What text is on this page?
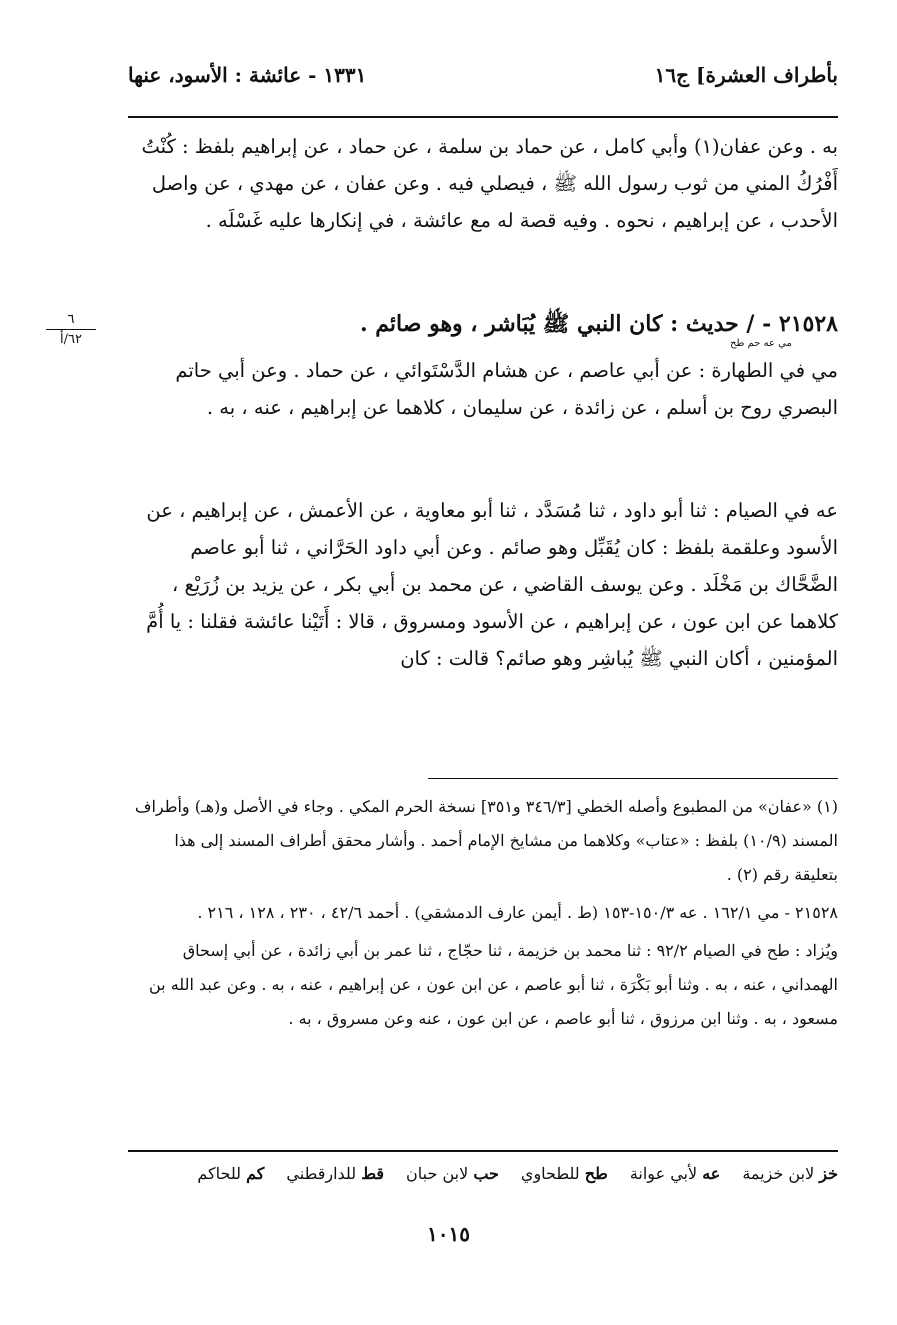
بأطراف العشرة] ج١٦
١٣٣١ - عائشة : الأسود، عنها
به . وعن عفان(١) وأبي كامل ، عن حماد بن سلمة ، عن حماد ، عن إبراهيم بلفظ : كُنْتُ أَفْرُكُ المني من ثوب رسول الله ﷺ ، فيصلي فيه . وعن عفان ، عن مهدي ، عن واصل الأحدب ، عن إبراهيم ، نحوه . وفيه قصة له مع عائشة ، في إنكارها عليه غَسْلَه .
٦
٦٢/أ
٢١٥٢٨ - / حديث : كان النبي ﷺ يُبَاشر ، وهو صائم .
مي عه حم طح
مي في الطهارة : عن أبي عاصم ، عن هشام الدَّسْتَوائي ، عن حماد . وعن أبي حاتم البصري روح بن أسلم ، عن زائدة ، عن سليمان ، كلاهما عن إبراهيم ، عنه ، به .
عه في الصيام : ثنا أبو داود ، ثنا مُسَدَّد ، ثنا أبو معاوية ، عن الأعمش ، عن إبراهيم ، عن الأسود وعلقمة بلفظ : كان يُقَبِّل وهو صائم . وعن أبي داود الحَرَّاني ، ثنا أبو عاصم الضَّحَّاك بن مَخْلَد . وعن يوسف القاضي ، عن محمد بن أبي بكر ، عن يزيد بن زُرَيْع ، كلاهما عن ابن عون ، عن إبراهيم ، عن الأسود ومسروق ، قالا : أَتَيْنا عائشة فقلنا : يا أُمَّ المؤمنين ، أكان النبي ﷺ يُباشِر وهو صائم؟ قالت : كان

(١) «عفان» من المطبوع وأصله الخطي [٣٤٦/٣ و٣٥١] نسخة الحرم المكي . وجاء في الأصل و(هـ) وأطراف المسند (١٠/٩) بلفظ : «عتاب» وكلاهما من مشايخ الإمام أحمد . وأشار محقق أطراف المسند إلى هذا بتعليقة رقم (٢) .

٢١٥٢٨ - مي ١٦٢/١ . عه ١٥٠/٣-١٥٣ (ط . أيمن عارف الدمشقي) . أحمد ٤٢/٦ ، ٢٣٠ ، ١٢٨ ، ٢١٦ .

ويُزاد : طح في الصيام ٩٢/٢ : ثنا محمد بن خزيمة ، ثنا حجّاج ، ثنا عمر بن أبي زائدة ، عن أبي إسحاق الهمداني ، عنه ، به . وثنا أبو بَكْرَة ، ثنا أبو عاصم ، عن ابن عون ، عن إبراهيم ، عنه ، به . وعن عبد الله بن مسعود ، به . وثنا ابن مرزوق ، ثنا أبو عاصم ، عن ابن عون ، عنه وعن مسروق ، به .

خز لابن خزيمة
عه لأبي عوانة
طح للطحاوي
حب لابن حبان
قط للدارقطني
كم للحاكم
١٠١٥
